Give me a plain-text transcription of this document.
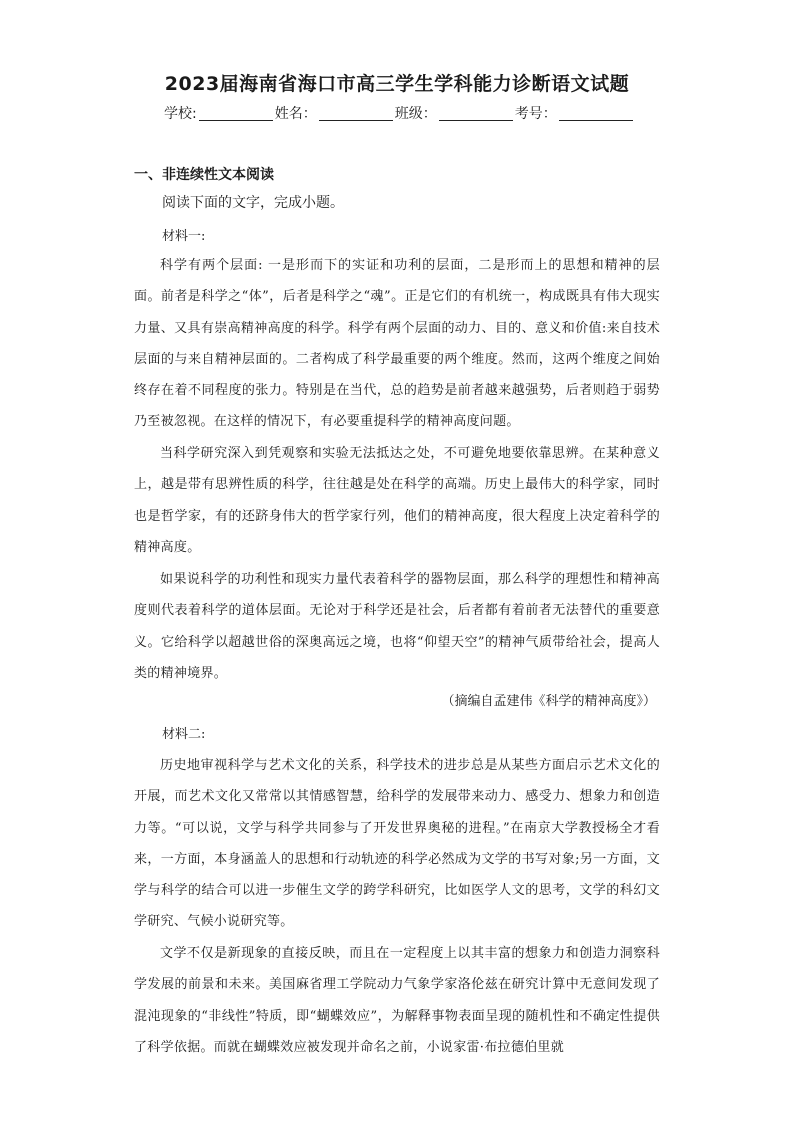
2023届海南省海口市高三学生学科能力诊断语文试题
学校:	姓名：	班级：	考号：
一、非连续性文本阅读
阅读下面的文字，完成小题。
材料一:
科学有两个层面: 一是形而下的实证和功利的层面，二是形而上的思想和精神的层面。前者是科学之“体”，后者是科学之“魂”。正是它们的有机统一，构成既具有伟大现实力量、又具有崇高精神高度的科学。科学有两个层面的动力、目的、意义和价值:来自技术层面的与来自精神层面的。二者构成了科学最重要的两个维度。然而，这两个维度之间始终存在着不同程度的张力。特别是在当代，总的趋势是前者越来越强势，后者则趋于弱势乃至被忽视。在这样的情况下，有必要重提科学的精神高度问题。
当科学研究深入到凭观察和实验无法抵达之处，不可避免地要依靠思辨。在某种意义上，越是带有思辨性质的科学，往往越是处在科学的高端。历史上最伟大的科学家，同时也是哲学家，有的还跻身伟大的哲学家行列，他们的精神高度，很大程度上决定着科学的精神高度。
如果说科学的功利性和现实力量代表着科学的器物层面，那么科学的理想性和精神高度则代表着科学的道体层面。无论对于科学还是社会，后者都有着前者无法替代的重要意义。它给科学以超越世俗的深奥高远之境，也将“仰望天空”的精神气质带给社会，提高人类的精神境界。
（摘编自孟建伟《科学的精神高度》）
材料二:
历史地审视科学与艺术文化的关系，科学技术的进步总是从某些方面启示艺术文化的开展，而艺术文化又常常以其情感智慧，给科学的发展带来动力、感受力、想象力和创造力等。“可以说，文学与科学共同参与了开发世界奥秘的进程。”在南京大学教授杨全才看来，一方面，本身涵盖人的思想和行动轨迹的科学必然成为文学的书写对象;另一方面，文学与科学的结合可以进一步催生文学的跨学科研究，比如医学人文的思考，文学的科幻文学研究、气候小说研究等。
文学不仅是新现象的直接反映，而且在一定程度上以其丰富的想象力和创造力洞察科学发展的前景和未来。美国麻省理工学院动力气象学家洛伦兹在研究计算中无意间发现了混沌现象的“非线性”特质，即“蝴蝶效应”，为解释事物表面呈现的随机性和不确定性提供了科学依据。而就在蝴蝶效应被发现并命名之前，小说家雷·布拉德伯里就
